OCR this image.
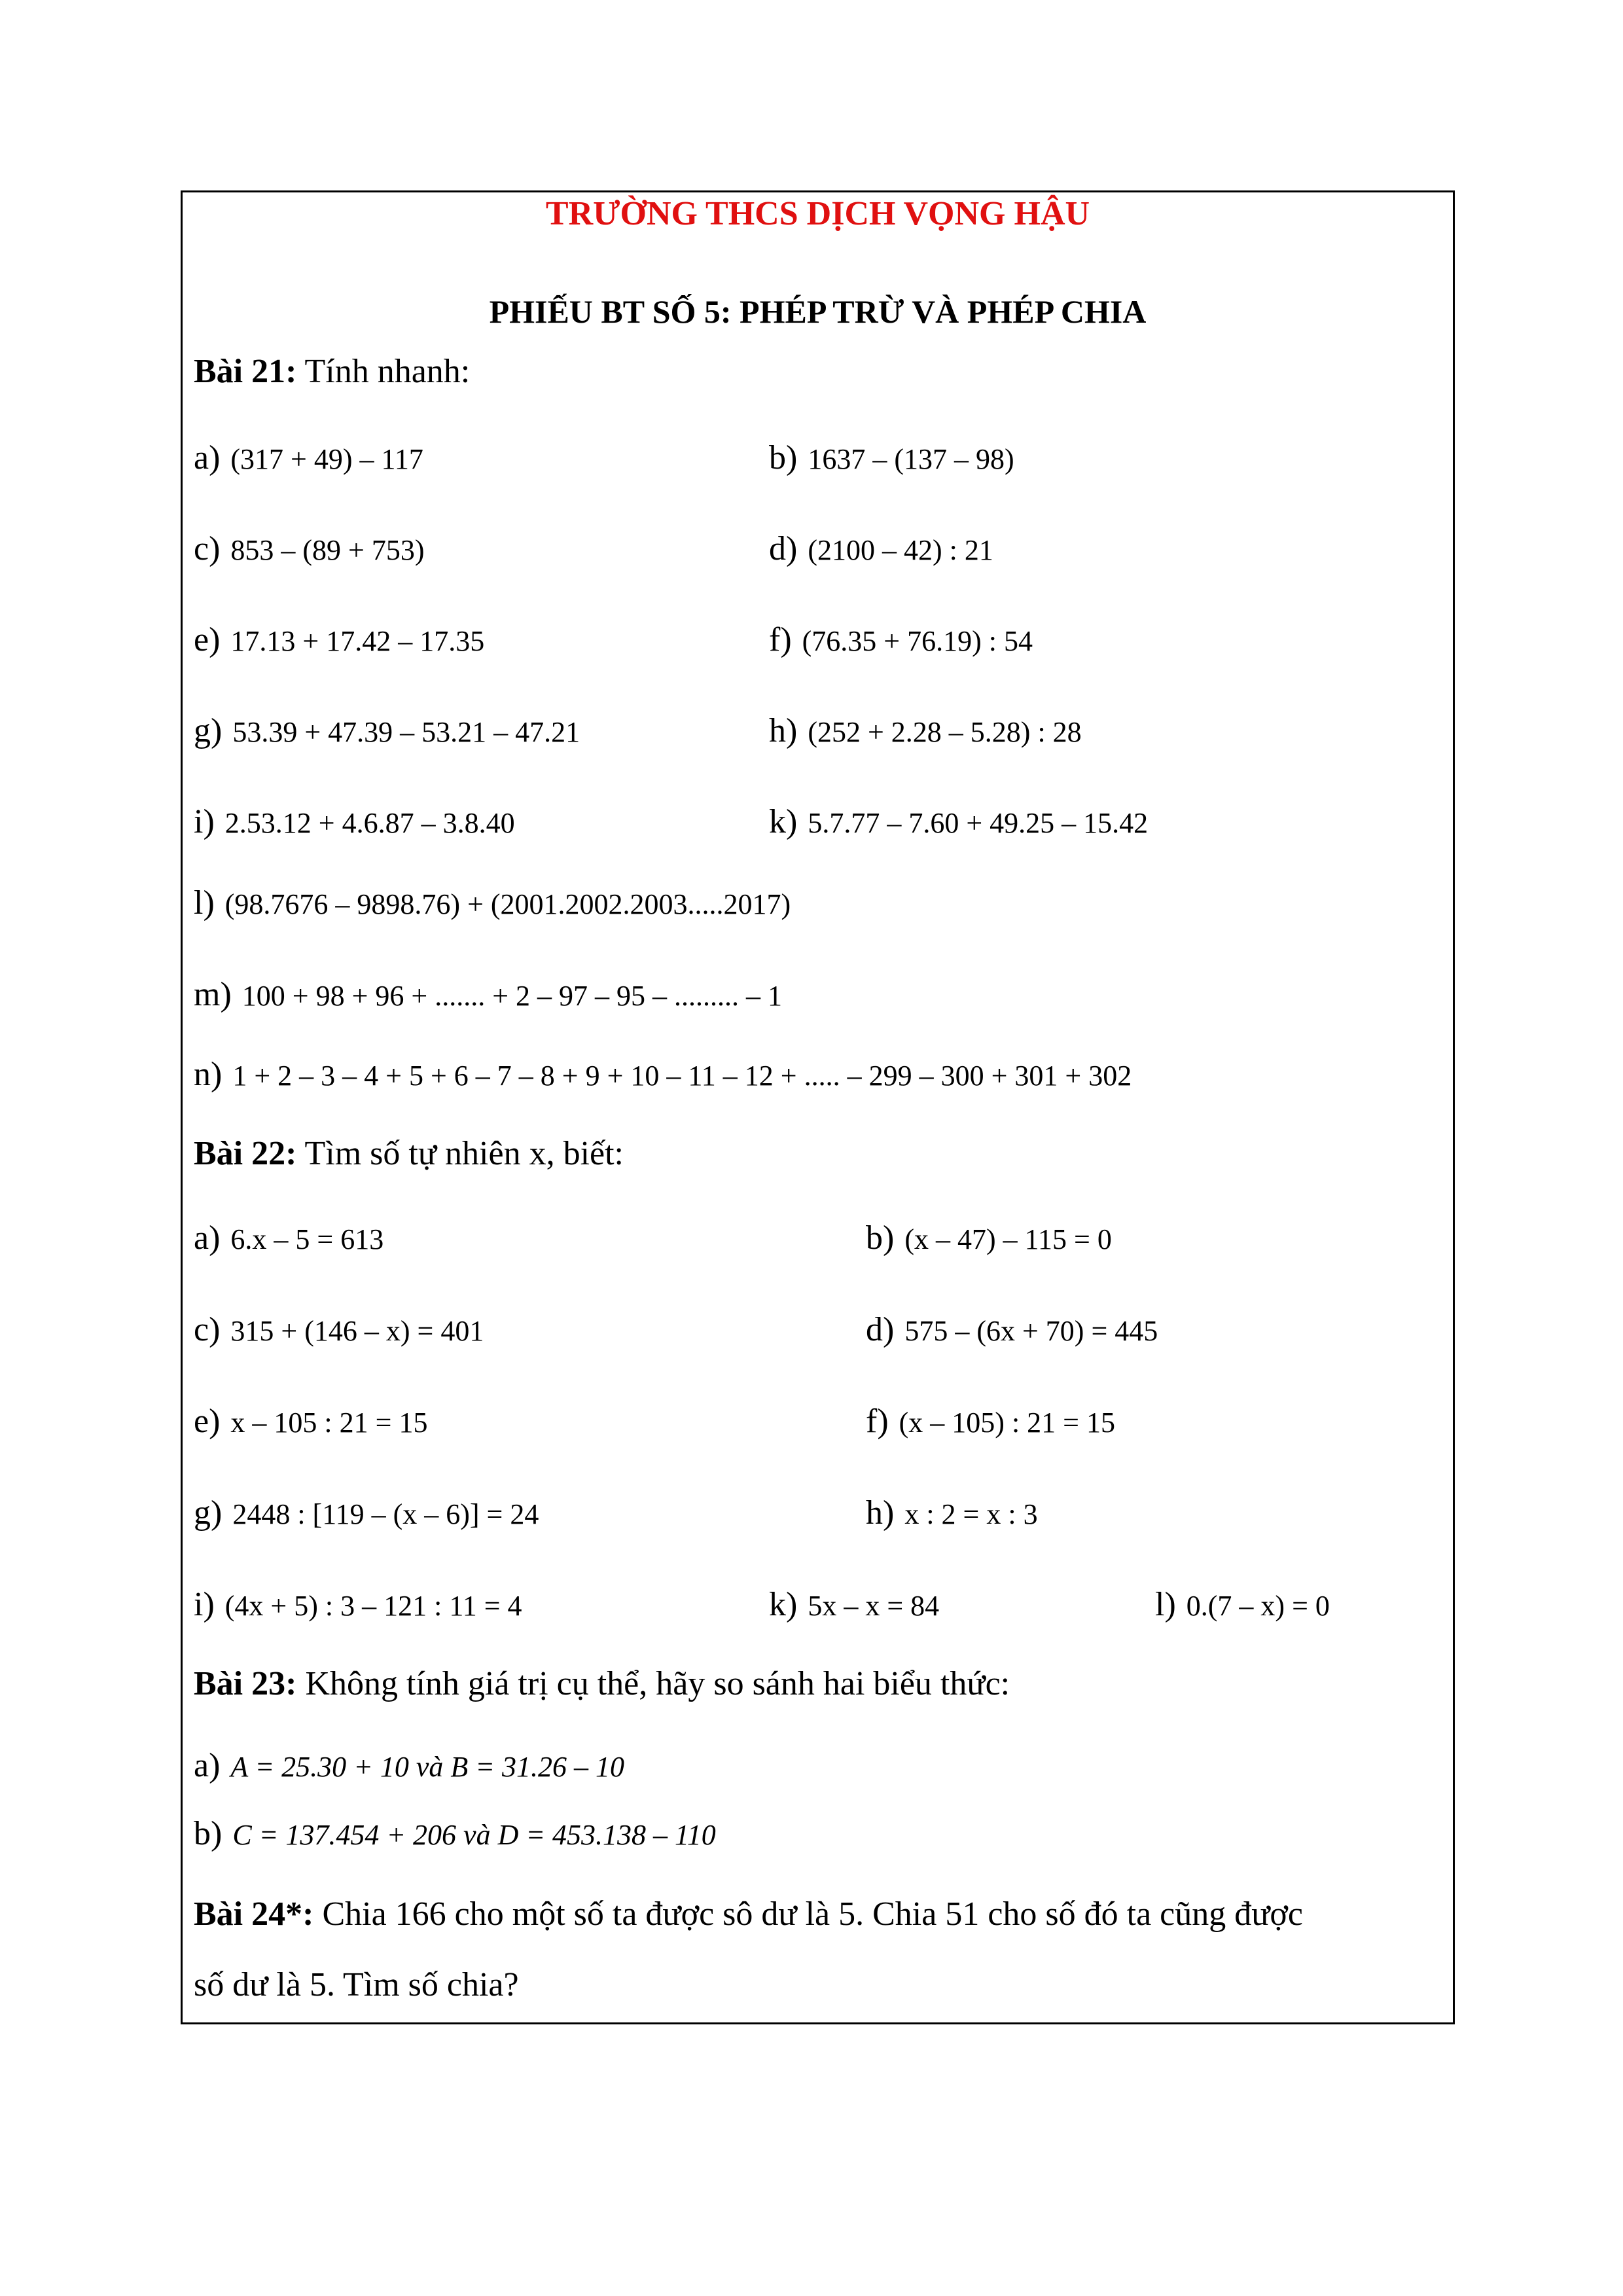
TRƯỜNG THCS DỊCH VỌNG HẬU
PHIẾU BT SỐ 5: PHÉP TRỪ VÀ PHÉP CHIA
Bài 21: Tính nhanh:
a) (317 + 49) – 117	b) 1637 – (137 – 98)
c) 853 – (89 + 753)	d) (2100 – 42) : 21
e) 17.13 + 17.42 – 17.35	f) (76.35 + 76.19) : 54
g) 53.39 + 47.39 – 53.21 – 47.21	h) (252 + 2.28 – 5.28) : 28
i) 2.53.12 + 4.6.87 – 3.8.40	k) 5.7.77 – 7.60 + 49.25 – 15.42
l) (98.7676 – 9898.76) + (2001.2002.2003.....2017)
m) 100 + 98 + 96 + ....... + 2 – 97 – 95 – ......... – 1
n) 1 + 2 – 3 – 4 + 5 + 6 – 7 – 8 + 9 + 10 – 11 – 12 + ..... – 299 – 300 + 301 + 302
Bài 22: Tìm số tự nhiên x, biết:
a) 6.x – 5 = 613	b) (x – 47) – 115 = 0
c) 315 + (146 – x) = 401	d) 575 – (6x + 70) = 445
e) x – 105 : 21 = 15	f) (x – 105) : 21 = 15
g) 2448 : [119 – (x – 6)] = 24	h) x : 2 = x : 3
i) (4x + 5) : 3 – 121 : 11 = 4	k) 5x – x = 84	l) 0.(7 – x) = 0
Bài 23: Không tính giá trị cụ thể, hãy so sánh hai biểu thức:
a) A = 25.30 + 10 và B = 31.26 – 10
b) C = 137.454 + 206 và D = 453.138 – 110
Bài 24*: Chia 166 cho một số ta được sô dư là 5. Chia 51 cho số đó ta cũng được
số dư là 5. Tìm số chia?
